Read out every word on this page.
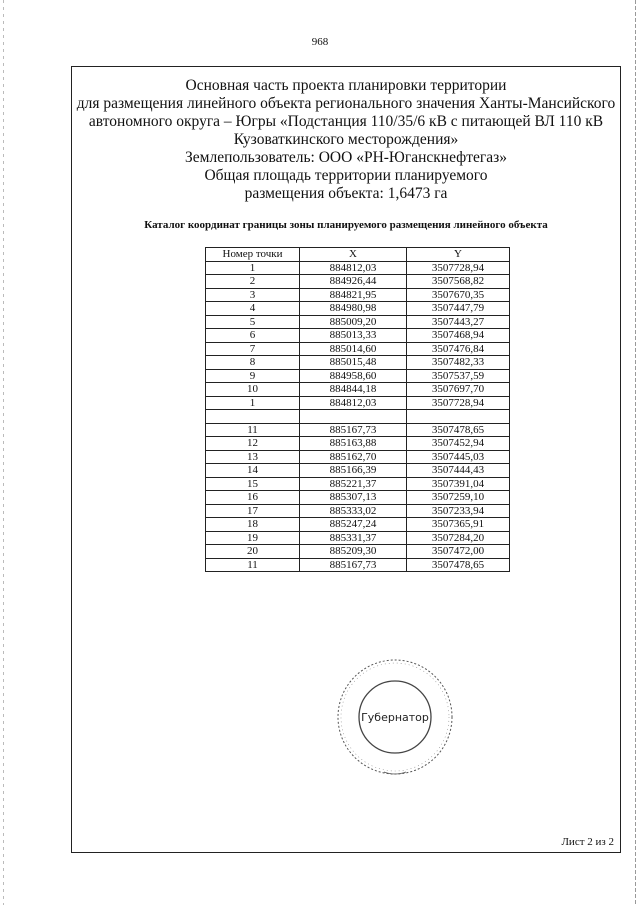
968
Основная часть проекта планировки территории
для размещения линейного объекта регионального значения Ханты-Мансийского
автономного округа – Югры «Подстанция 110/35/6 кВ с питающей ВЛ 110 кВ
Кузоваткинского месторождения»
Землепользователь: ООО «РН-Юганскнефтегаз»
Общая площадь территории планируемого
размещения объекта: 1,6473 га
Каталог координат границы зоны планируемого размещения линейного объекта
Номер точки	X	Y
1	884812,03	3507728,94
2	884926,44	3507568,82
3	884821,95	3507670,35
4	884980,98	3507447,79
5	885009,20	3507443,27
6	885013,33	3507468,94
7	885014,60	3507476,84
8	885015,48	3507482,33
9	884958,60	3507537,59
10	884844,18	3507697,70
1	884812,03	3507728,94

11	885167,73	3507478,65
12	885163,88	3507452,94
13	885162,70	3507445,03
14	885166,39	3507444,43
15	885221,37	3507391,04
16	885307,13	3507259,10
17	885333,02	3507233,94
18	885247,24	3507365,91
19	885331,37	3507284,20
20	885209,30	3507472,00
11	885167,73	3507478,65
Губернатор
Лист 2 из 2
